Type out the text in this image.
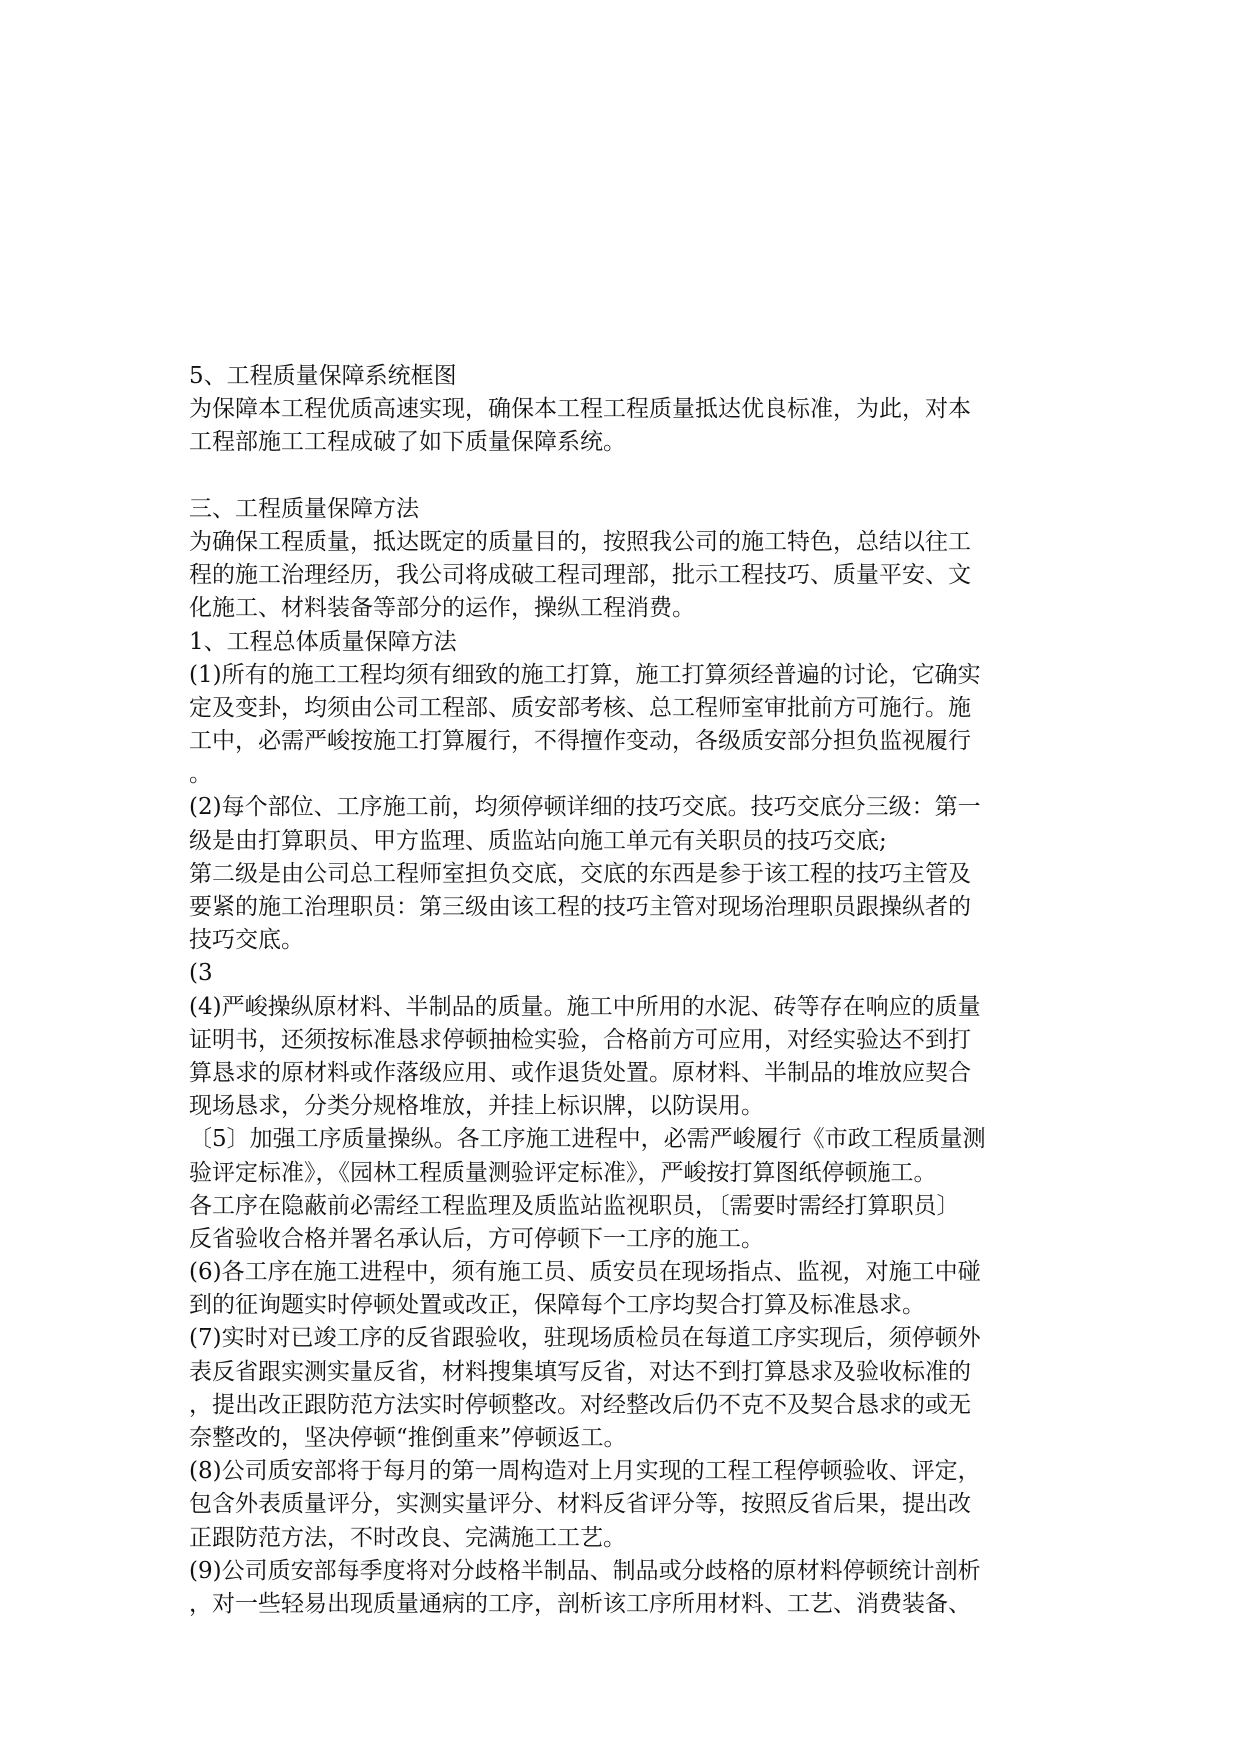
5、工程质量保障系统框图

为保障本工程优质高速实现，确保本工程工程质量抵达优良标准，为此，对本

工程部施工工程成破了如下质量保障系统。

三、工程质量保障方法

为确保工程质量，抵达既定的质量目的，按照我公司的施工特色，总结以往工

程的施工治理经历，我公司将成破工程司理部，批示工程技巧、质量平安、文

化施工、材料装备等部分的运作，操纵工程消费。

1、工程总体质量保障方法

(1)所有的施工工程均须有细致的施工打算，施工打算须经普遍的讨论，它确实

定及变卦，均须由公司工程部、质安部考核、总工程师室审批前方可施行。施

工中，必需严峻按施工打算履行，不得擅作变动，各级质安部分担负监视履行

。

(2)每个部位、工序施工前，均须停顿详细的技巧交底。技巧交底分三级：第一

级是由打算职员、甲方监理、质监站向施工单元有关职员的技巧交底;

第二级是由公司总工程师室担负交底，交底的东西是参于该工程的技巧主管及

要紧的施工治理职员：第三级由该工程的技巧主管对现场治理职员跟操纵者的

技巧交底。

(3

(4)严峻操纵原材料、半制品的质量。施工中所用的水泥、砖等存在响应的质量

证明书，还须按标准恳求停顿抽检实验，合格前方可应用，对经实验达不到打

算恳求的原材料或作落级应用、或作退货处置。原材料、半制品的堆放应契合

现场恳求，分类分规格堆放，并挂上标识牌，以防误用。

〔5〕加强工序质量操纵。各工序施工进程中，必需严峻履行《市政工程质量测

验评定标准》，《园林工程质量测验评定标准》，严峻按打算图纸停顿施工。

各工序在隐蔽前必需经工程监理及质监站监视职员，〔需要时需经打算职员〕

反省验收合格并署名承认后，方可停顿下一工序的施工。

(6)各工序在施工进程中，须有施工员、质安员在现场指点、监视，对施工中碰

到的征询题实时停顿处置或改正，保障每个工序均契合打算及标准恳求。

(7)实时对已竣工序的反省跟验收，驻现场质检员在每道工序实现后，须停顿外

表反省跟实测实量反省，材料搜集填写反省，对达不到打算恳求及验收标准的

，提出改正跟防范方法实时停顿整改。对经整改后仍不克不及契合恳求的或无

奈整改的，坚决停顿“推倒重来”停顿返工。

(8)公司质安部将于每月的第一周构造对上月实现的工程工程停顿验收、评定，

包含外表质量评分，实测实量评分、材料反省评分等，按照反省后果，提出改

正跟防范方法，不时改良、完满施工工艺。

(9)公司质安部每季度将对分歧格半制品、制品或分歧格的原材料停顿统计剖析

，对一些轻易出现质量通病的工序，剖析该工序所用材料、工艺、消费装备、
